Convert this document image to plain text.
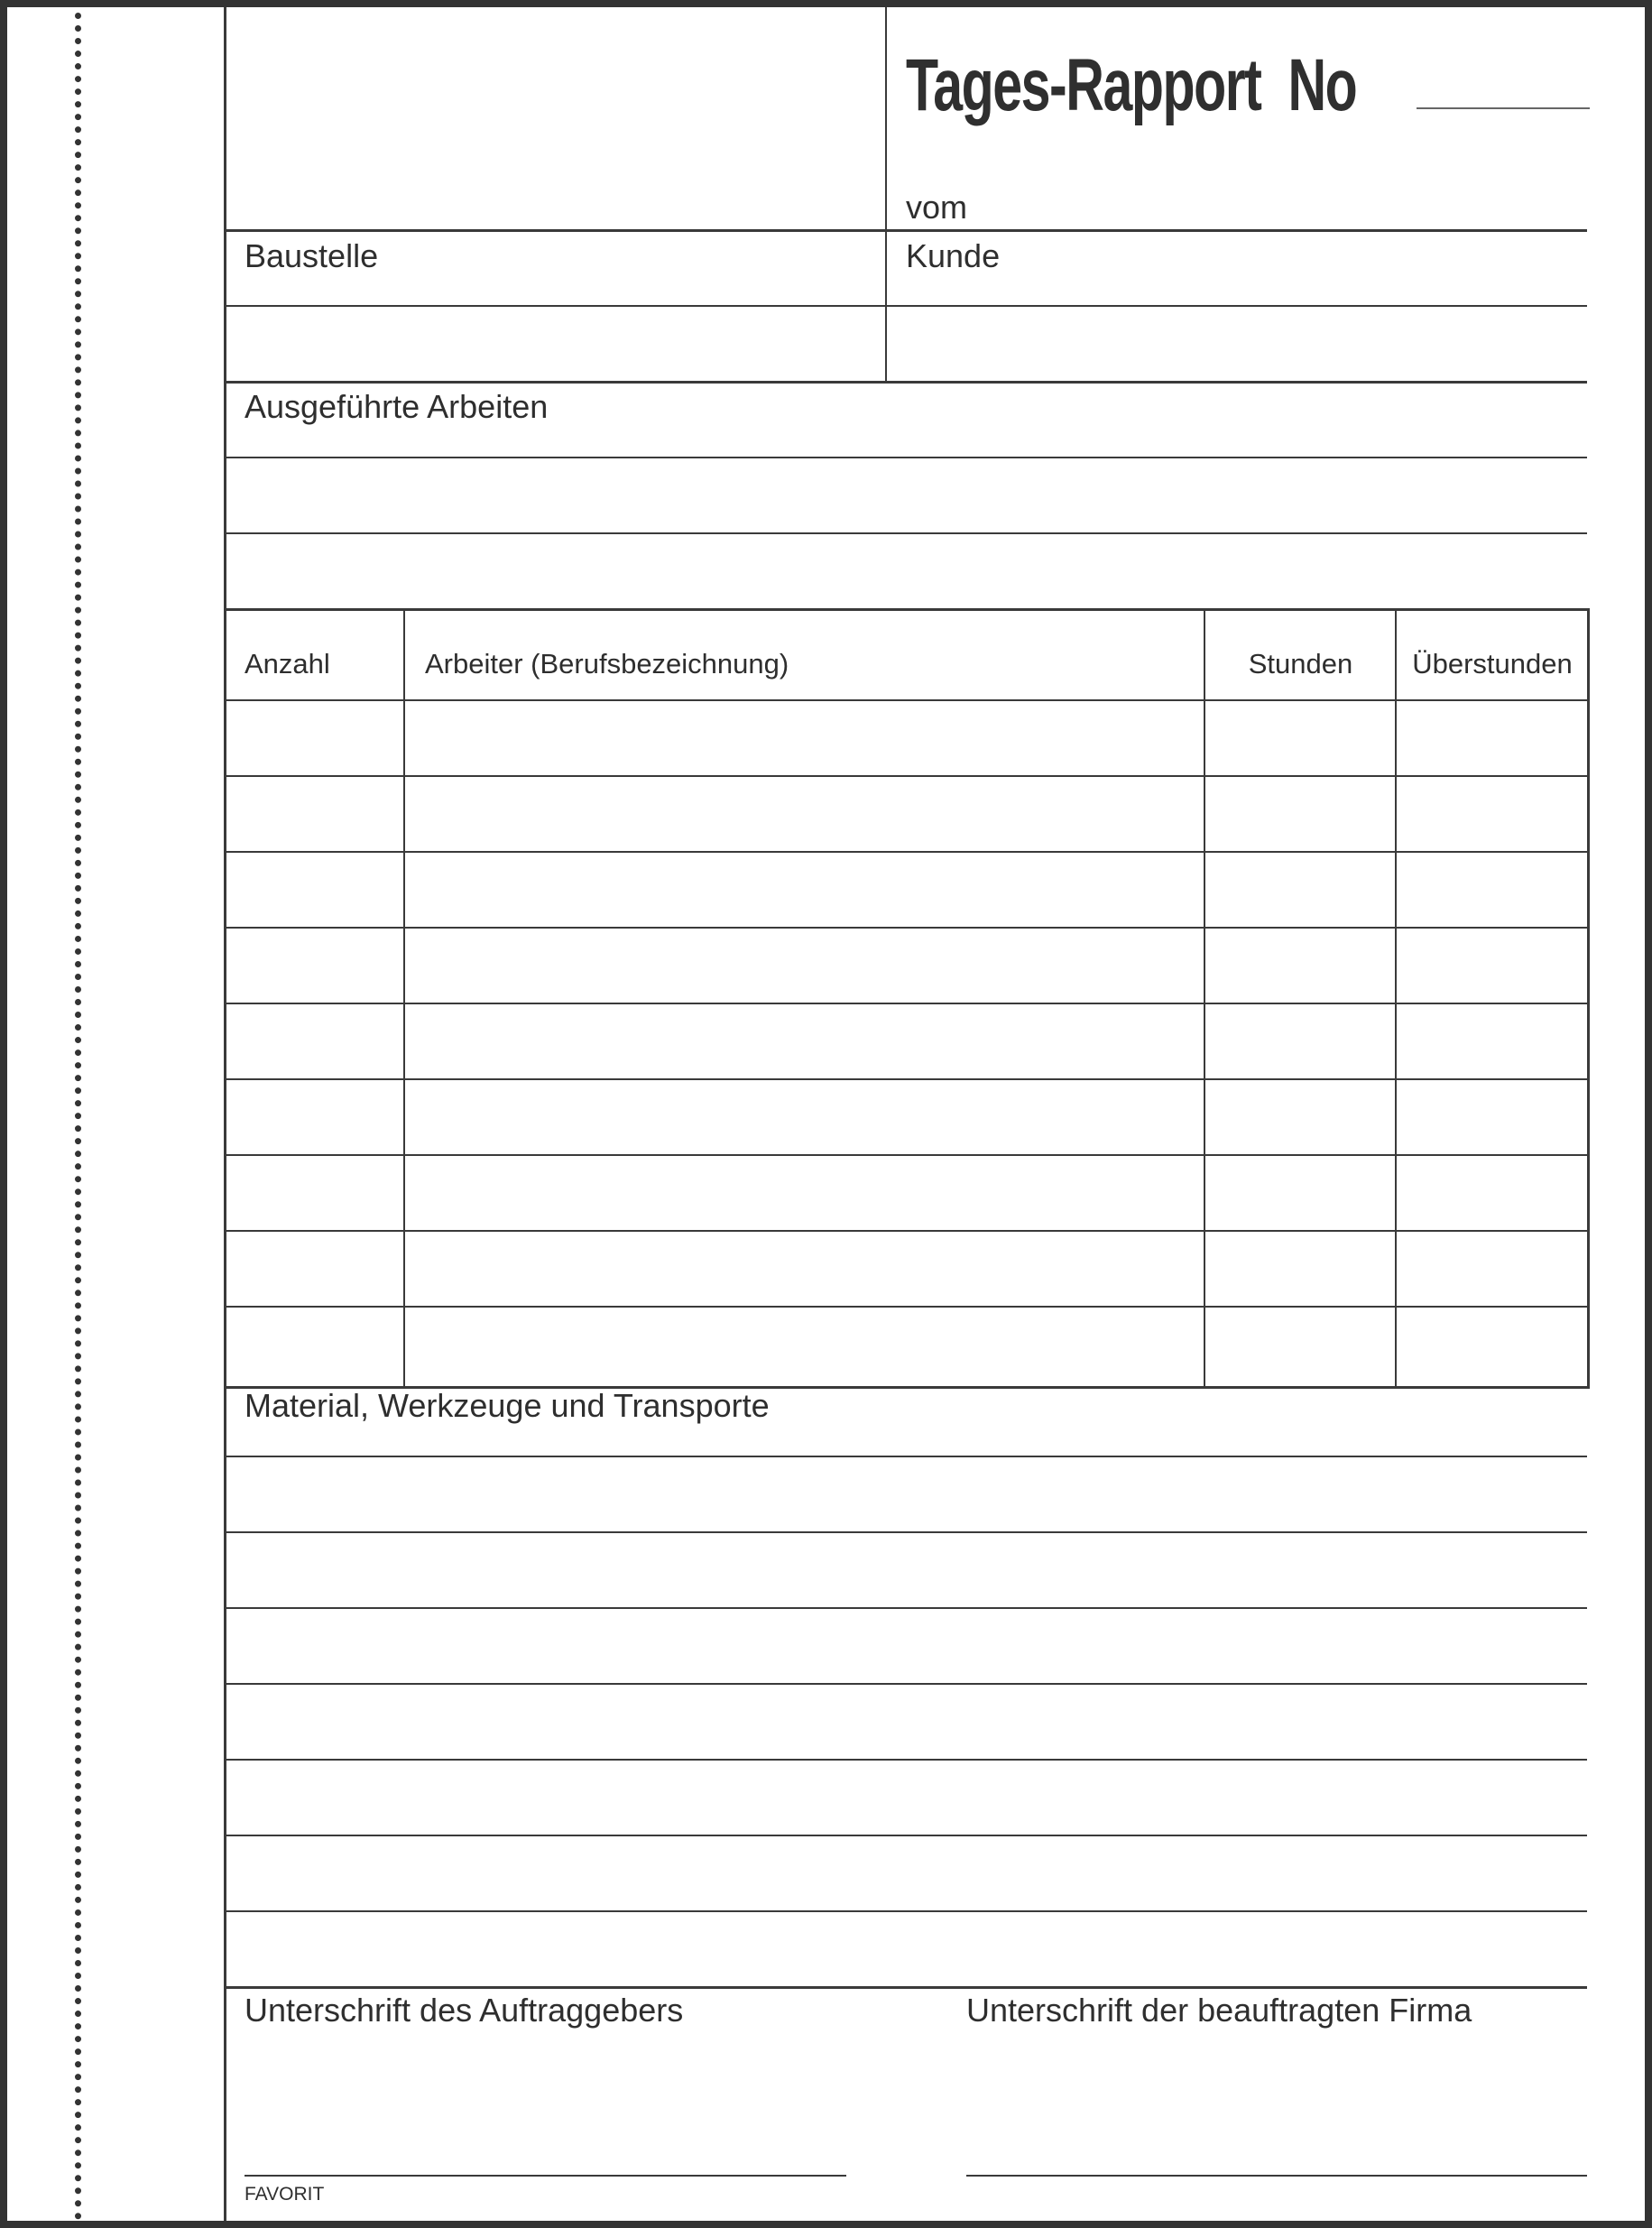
Tages-Rapport No
vom
Baustelle	Kunde
Ausgeführte Arbeiten
Anzahl	Arbeiter (Berufsbezeichnung)	Stunden	Überstunden
Material, Werkzeuge und Transporte
Unterschrift des Auftraggebers	Unterschrift der beauftragten Firma
FAVORIT
